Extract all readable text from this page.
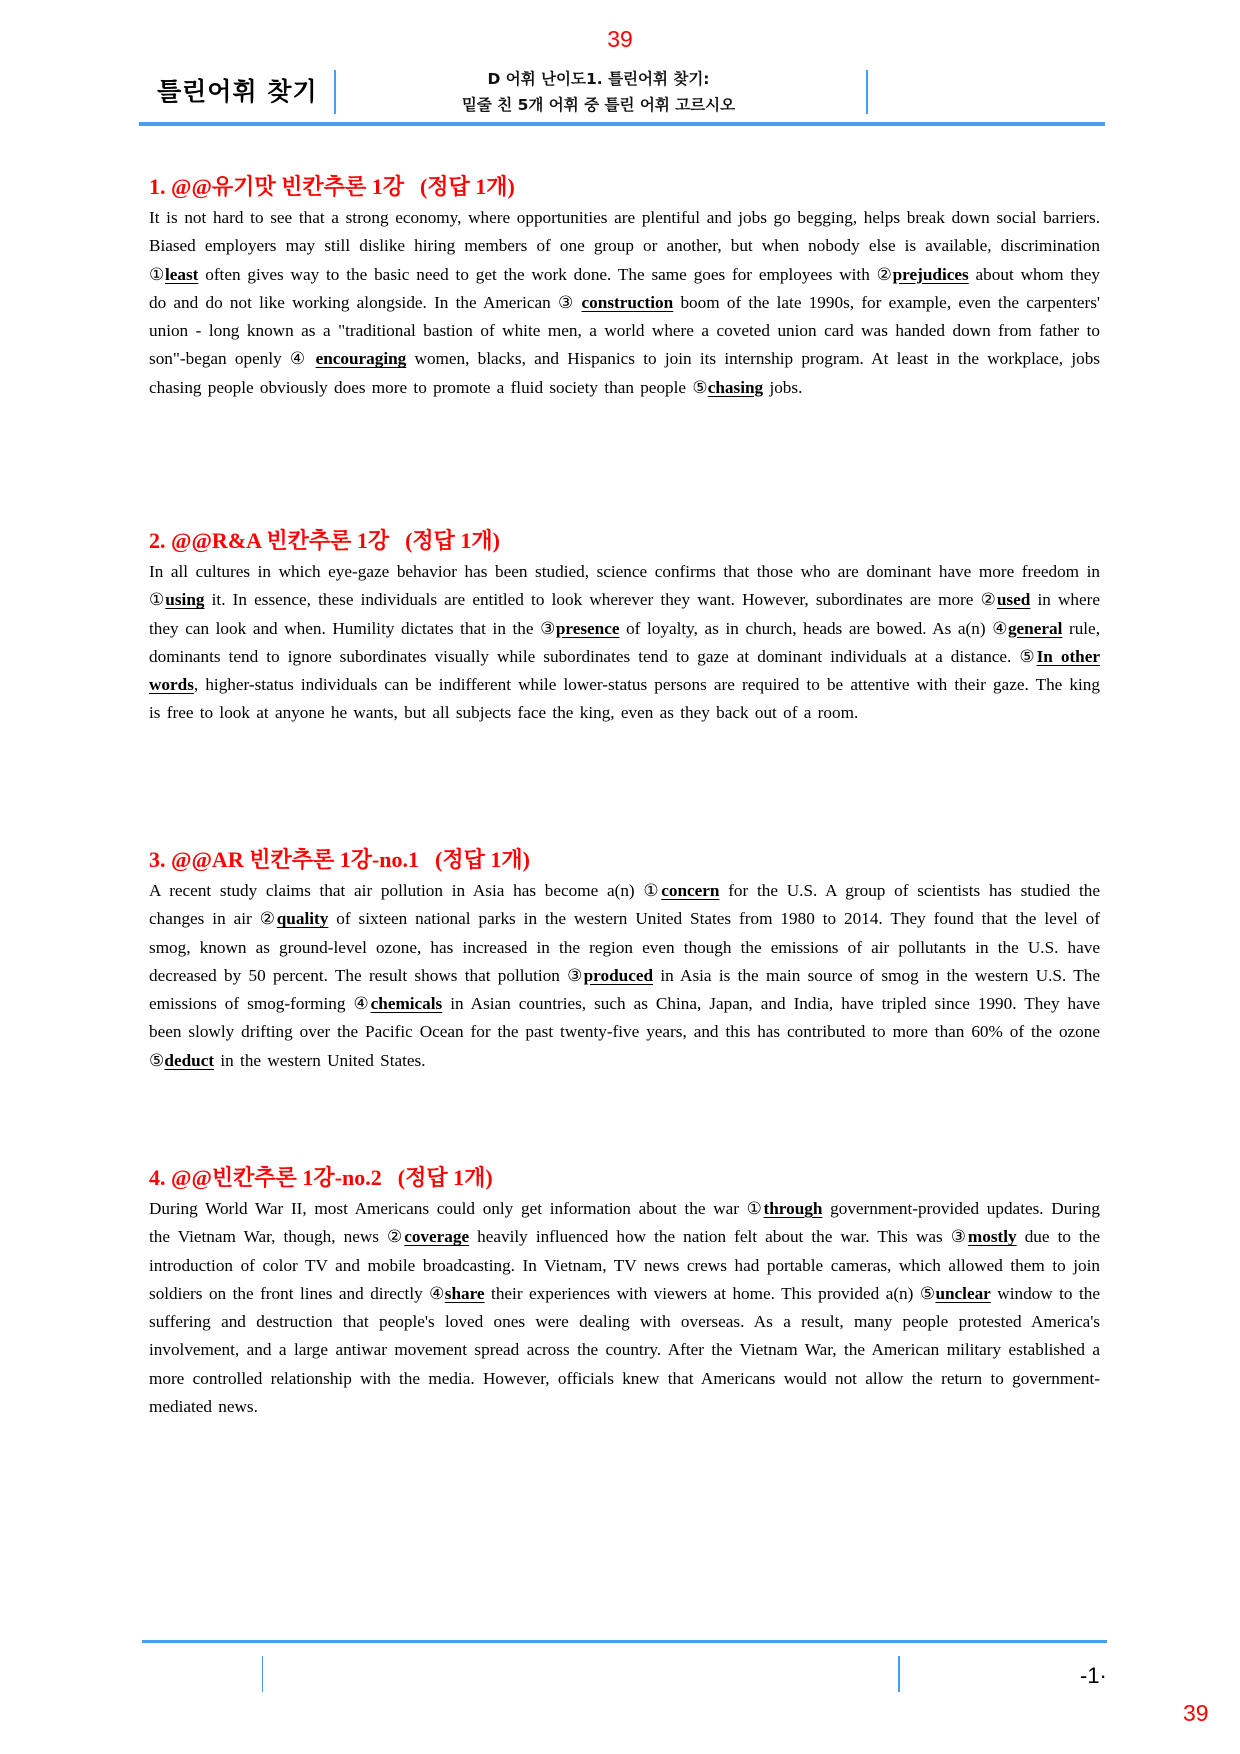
39
틀린어휘 찾기	D 어휘 난이도1. 틀린어휘 찾기:
밑줄 친 5개 어휘 중 틀린 어휘 고르시오
1. @@유기맛 빈칸추론 1강 (정답 1개)

It is not hard to see that a strong economy, where opportunities are plentiful and jobs go begging, helps break down social barriers. Biased employers may still dislike hiring members of one group or another, but when nobody else is available, discrimination ①least often gives way to the basic need to get the work done. The same goes for employees with ②prejudices about whom they do and do not like working alongside. In the American ③ construction boom of the late 1990s, for example, even the carpenters' union - long known as a "traditional bastion of white men, a world where a coveted union card was handed down from father to son"-began openly ④ encouraging women, blacks, and Hispanics to join its internship program. At least in the workplace, jobs chasing people obviously does more to promote a fluid society than people ⑤chasing jobs.

2. @@R&A 빈칸추론 1강 (정답 1개)

In all cultures in which eye-gaze behavior has been studied, science confirms that those who are dominant have more freedom in ①using it. In essence, these individuals are entitled to look wherever they want. However, subordinates are more ②used in where they can look and when. Humility dictates that in the ③presence of loyalty, as in church, heads are bowed. As a(n) ④general rule, dominants tend to ignore subordinates visually while subordinates tend to gaze at dominant individuals at a distance. ⑤In other words, higher-status individuals can be indifferent while lower-status persons are required to be attentive with their gaze. The king is free to look at anyone he wants, but all subjects face the king, even as they back out of a room.

3. @@AR 빈칸추론 1강-no.1 (정답 1개)

A recent study claims that air pollution in Asia has become a(n) ①concern for the U.S. A group of scientists has studied the changes in air ②quality of sixteen national parks in the western United States from 1980 to 2014. They found that the level of smog, known as ground-level ozone, has increased in the region even though the emissions of air pollutants in the U.S. have decreased by 50 percent. The result shows that pollution ③produced in Asia is the main source of smog in the western U.S. The emissions of smog-forming ④chemicals in Asian countries, such as China, Japan, and India, have tripled since 1990. They have been slowly drifting over the Pacific Ocean for the past twenty-five years, and this has contributed to more than 60% of the ozone ⑤deduct in the western United States.

4. @@빈칸추론 1강-no.2 (정답 1개)

During World War II, most Americans could only get information about the war ①through government-provided updates. During the Vietnam War, though, news ②coverage heavily influenced how the nation felt about the war. This was ③mostly due to the introduction of color TV and mobile broadcasting. In Vietnam, TV news crews had portable cameras, which allowed them to join soldiers on the front lines and directly ④share their experiences with viewers at home. This provided a(n) ⑤unclear window to the suffering and destruction that people's loved ones were dealing with overseas. As a result, many people protested America's involvement, and a large antiwar movement spread across the country. After the Vietnam War, the American military established a more controlled relationship with the media. However, officials knew that Americans would not allow the return to government-mediated news.

-1·
39
